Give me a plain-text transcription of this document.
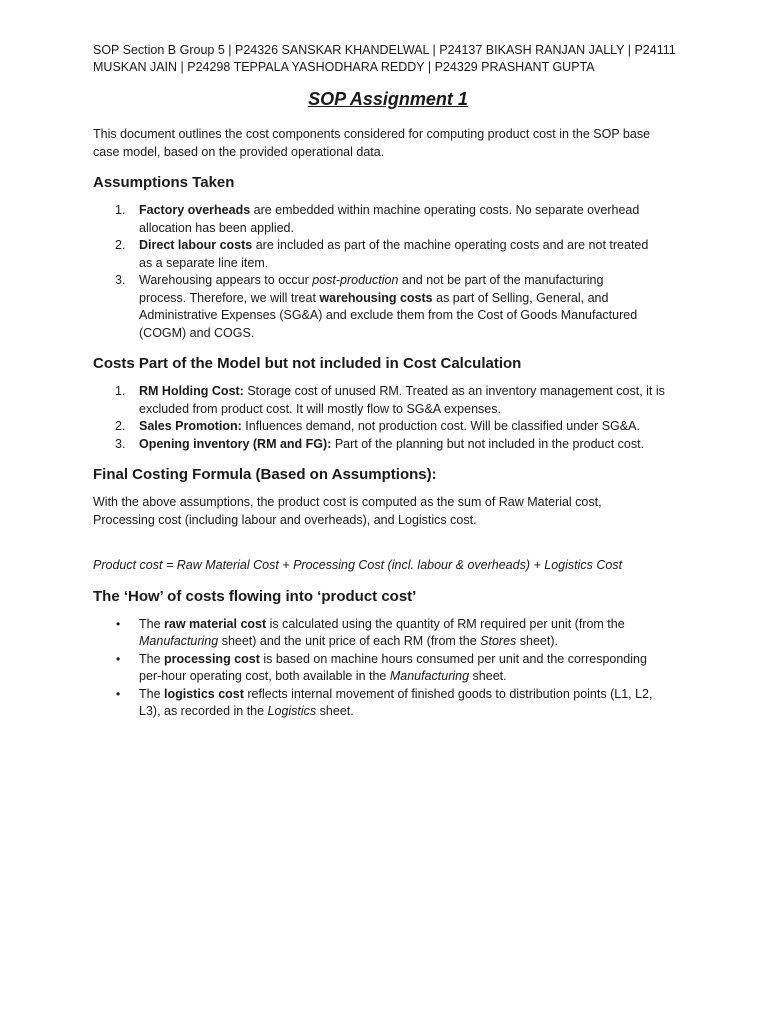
SOP Section B Group 5 | P24326 SANSKAR KHANDELWAL | P24137 BIKASH RANJAN JALLY | P24111

MUSKAN JAIN | P24298 TEPPALA YASHODHARA REDDY | P24329 PRASHANT GUPTA

SOP Assignment 1
This document outlines the cost components considered for computing product cost in the SOP base
case model, based on the provided operational data.
Assumptions Taken
1. Factory overheads are embedded within machine operating costs. No separate overhead
allocation has been applied.
2. Direct labour costs are included as part of the machine operating costs and are not treated
as a separate line item.
3. Warehousing appears to occur post-production and not be part of the manufacturing
process. Therefore, we will treat warehousing costs as part of Selling, General, and
Administrative Expenses (SG&A) and exclude them from the Cost of Goods Manufactured
(COGM) and COGS.
Costs Part of the Model but not included in Cost Calculation
1. RM Holding Cost: Storage cost of unused RM. Treated as an inventory management cost, it is
excluded from product cost. It will mostly flow to SG&A expenses.
2. Sales Promotion: Influences demand, not production cost. Will be classified under SG&A.
3. Opening inventory (RM and FG): Part of the planning but not included in the product cost.
Final Costing Formula (Based on Assumptions):
With the above assumptions, the product cost is computed as the sum of Raw Material cost,
Processing cost (including labour and overheads), and Logistics cost.
Product cost = Raw Material Cost + Processing Cost (incl. labour & overheads) + Logistics Cost
The ‘How’ of costs flowing into ‘product cost’
• The raw material cost is calculated using the quantity of RM required per unit (from the
Manufacturing sheet) and the unit price of each RM (from the Stores sheet).
• The processing cost is based on machine hours consumed per unit and the corresponding
per-hour operating cost, both available in the Manufacturing sheet.
• The logistics cost reflects internal movement of finished goods to distribution points (L1, L2,
L3), as recorded in the Logistics sheet.
